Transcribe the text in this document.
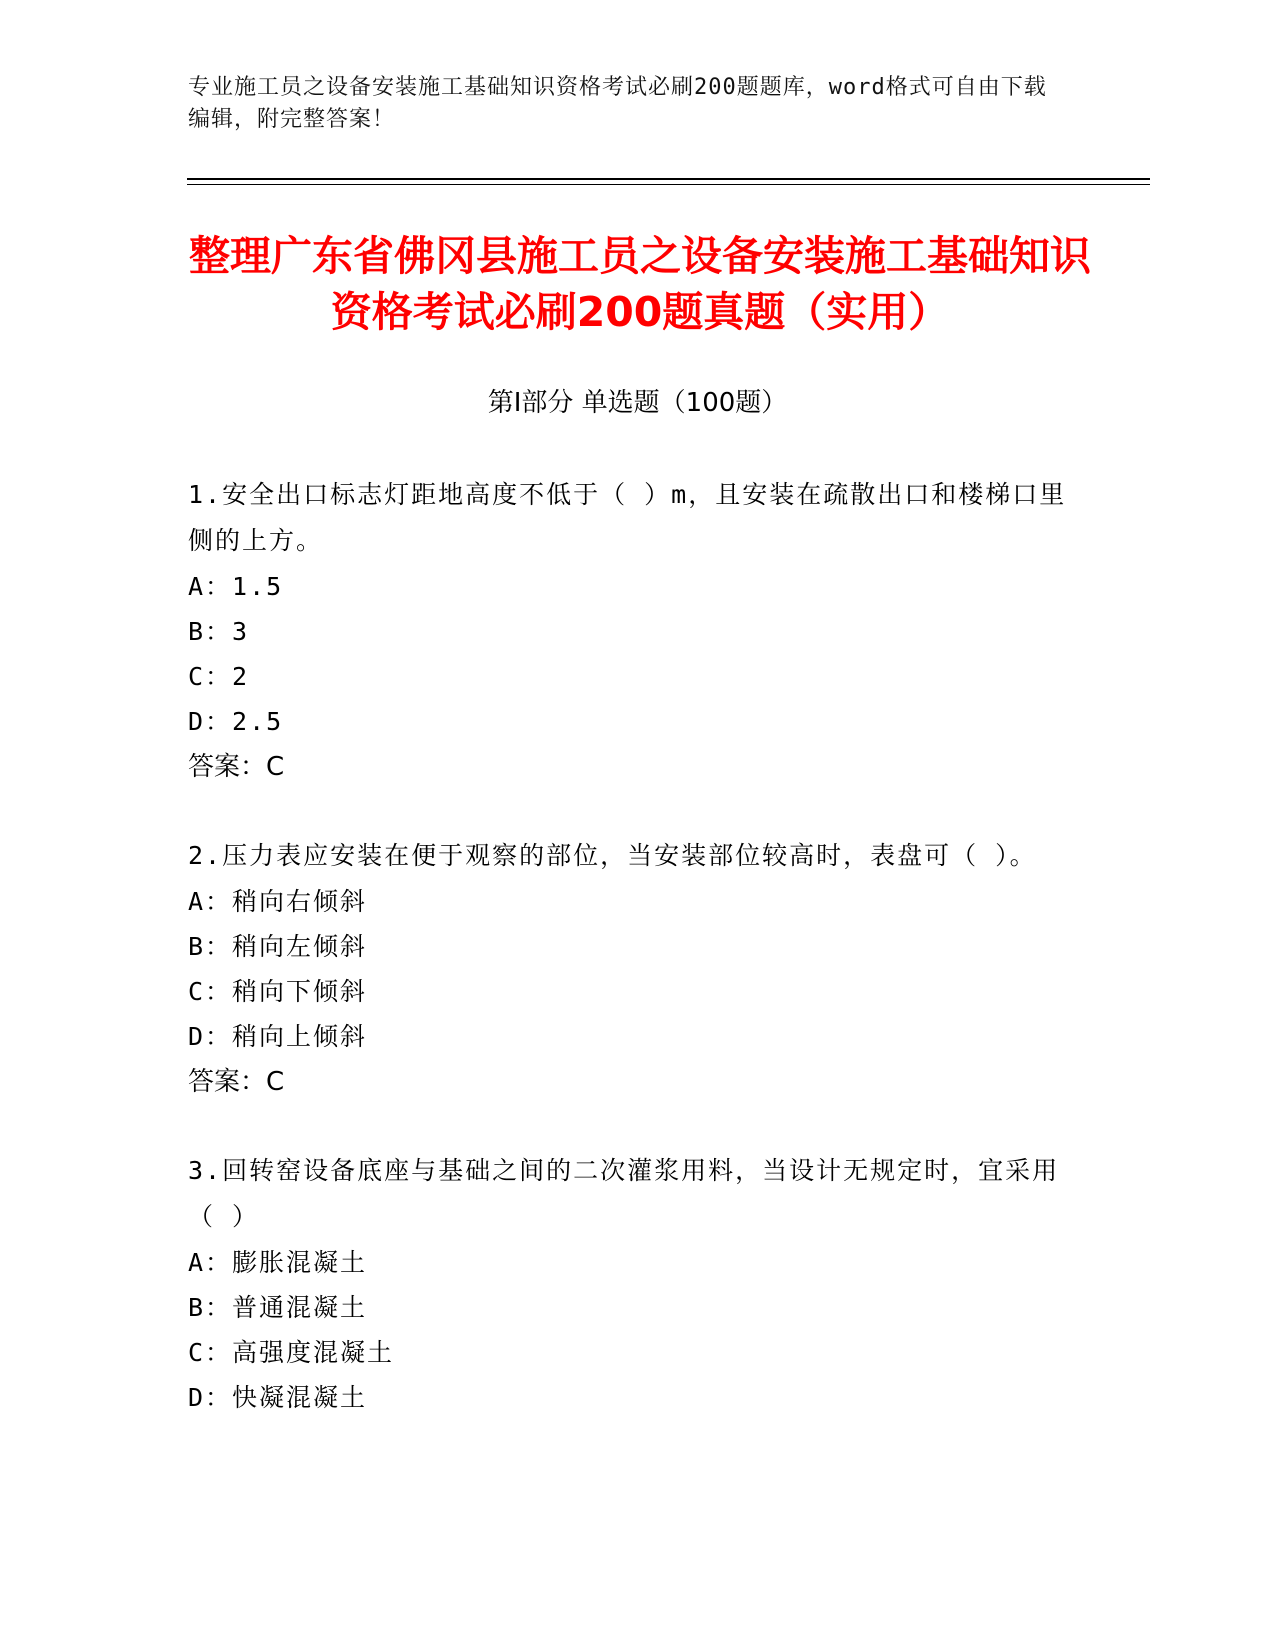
专业施工员之设备安装施工基础知识资格考试必刷200题题库，word格式可自由下载编辑，附完整答案！
整理广东省佛冈县施工员之设备安装施工基础知识资格考试必刷200题真题（实用）
第Ⅰ部分 单选题（100题）
1.安全出口标志灯距地高度不低于（ ）m，且安装在疏散出口和楼梯口里侧的上方。
A：1.5
B：3
C：2
D：2.5
答案：C
2.压力表应安装在便于观察的部位，当安装部位较高时，表盘可（ ）。
A：稍向右倾斜
B：稍向左倾斜
C：稍向下倾斜
D：稍向上倾斜
答案：C
3.回转窑设备底座与基础之间的二次灌浆用料，当设计无规定时，宜采用（ ）
A：膨胀混凝土
B：普通混凝土
C：高强度混凝土
D：快凝混凝土
